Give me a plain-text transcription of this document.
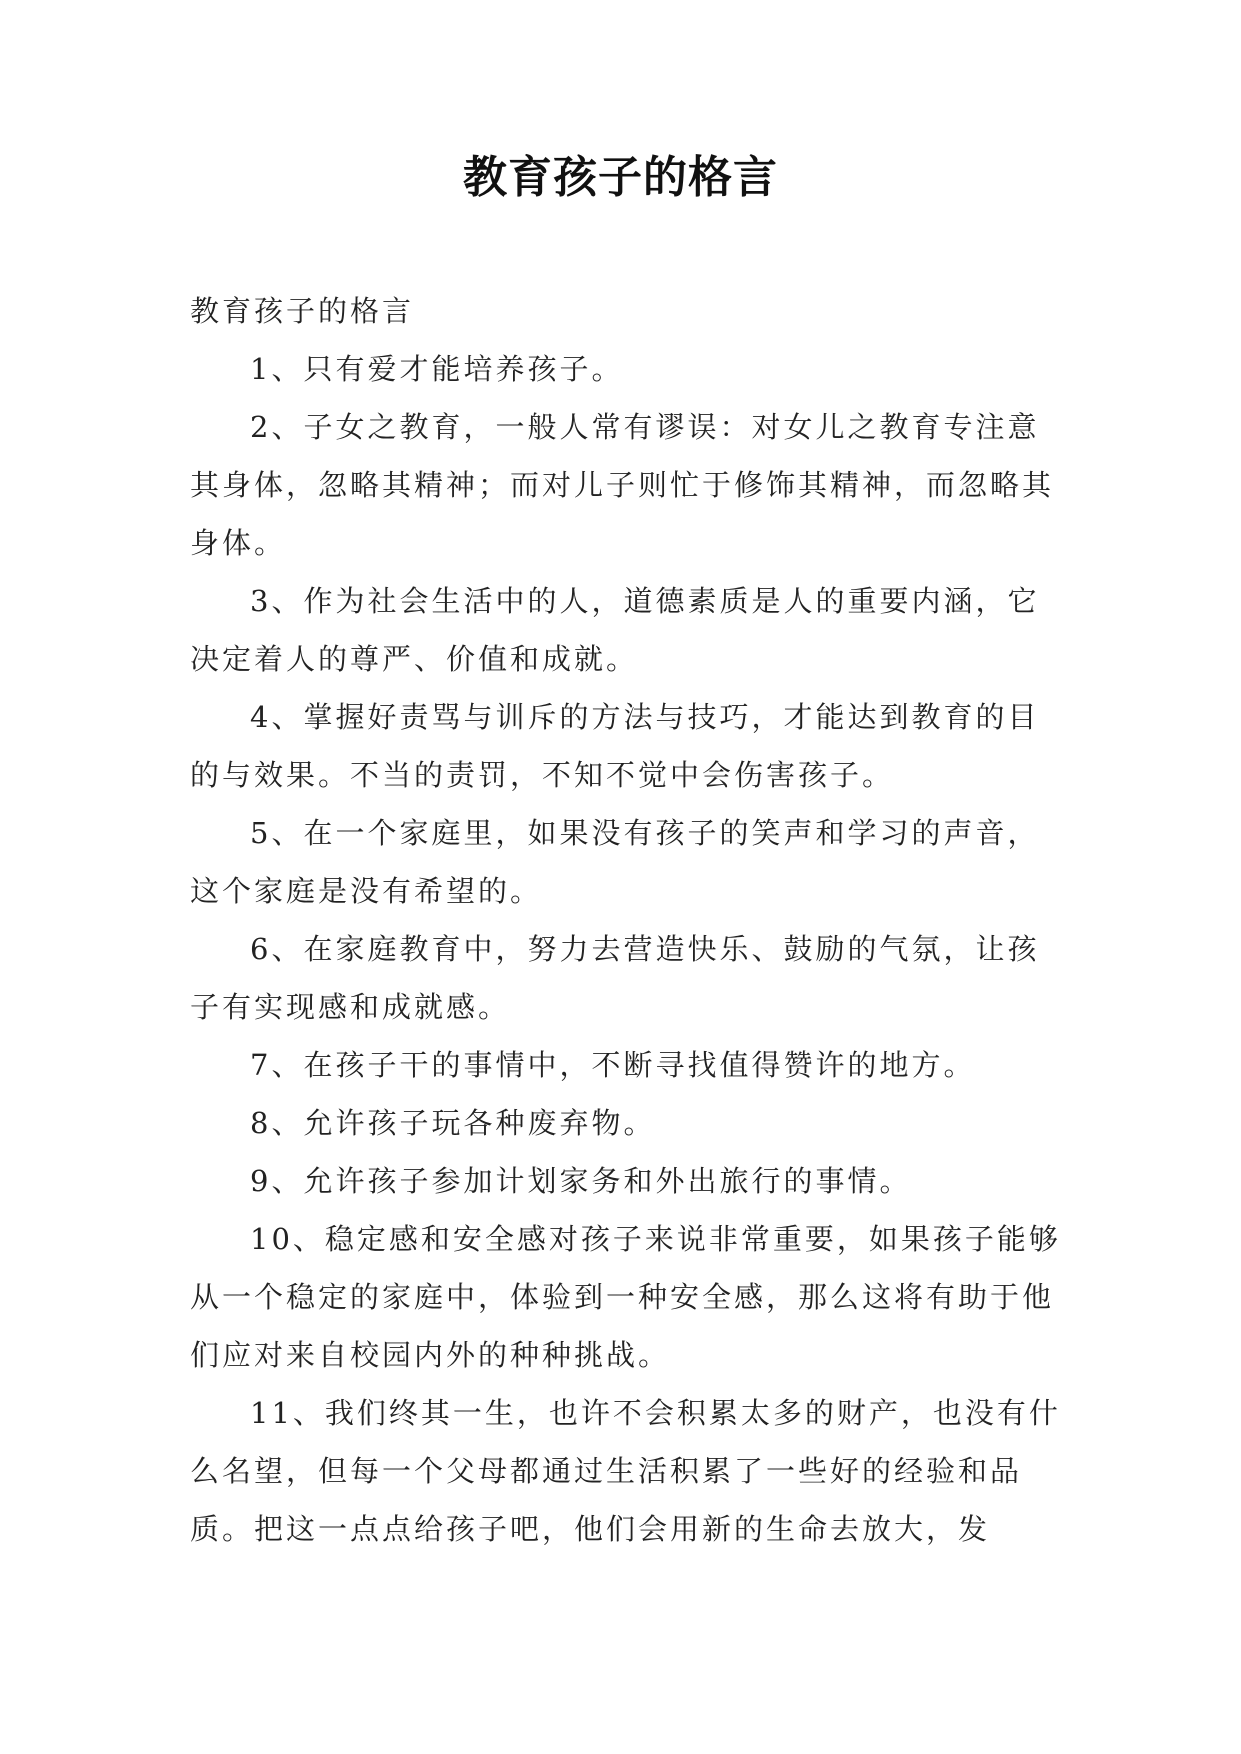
教育孩子的格言

教育孩子的格言

1、只有爱才能培养孩子。

2、子女之教育，一般人常有谬误：对女儿之教育专注意其身体，忽略其精神；而对儿子则忙于修饰其精神，而忽略其身体。

3、作为社会生活中的人，道德素质是人的重要内涵，它决定着人的尊严、价值和成就。

4、掌握好责骂与训斥的方法与技巧，才能达到教育的目的与效果。不当的责罚，不知不觉中会伤害孩子。

5、在一个家庭里，如果没有孩子的笑声和学习的声音，这个家庭是没有希望的。

6、在家庭教育中，努力去营造快乐、鼓励的气氛，让孩子有实现感和成就感。

7、在孩子干的事情中，不断寻找值得赞许的地方。

8、允许孩子玩各种废弃物。

9、允许孩子参加计划家务和外出旅行的事情。

10、稳定感和安全感对孩子来说非常重要，如果孩子能够从一个稳定的家庭中，体验到一种安全感，那么这将有助于他们应对来自校园内外的种种挑战。

11、我们终其一生，也许不会积累太多的财产，也没有什么名望，但每一个父母都通过生活积累了一些好的经验和品质。把这一点点给孩子吧，他们会用新的生命去放大，发
